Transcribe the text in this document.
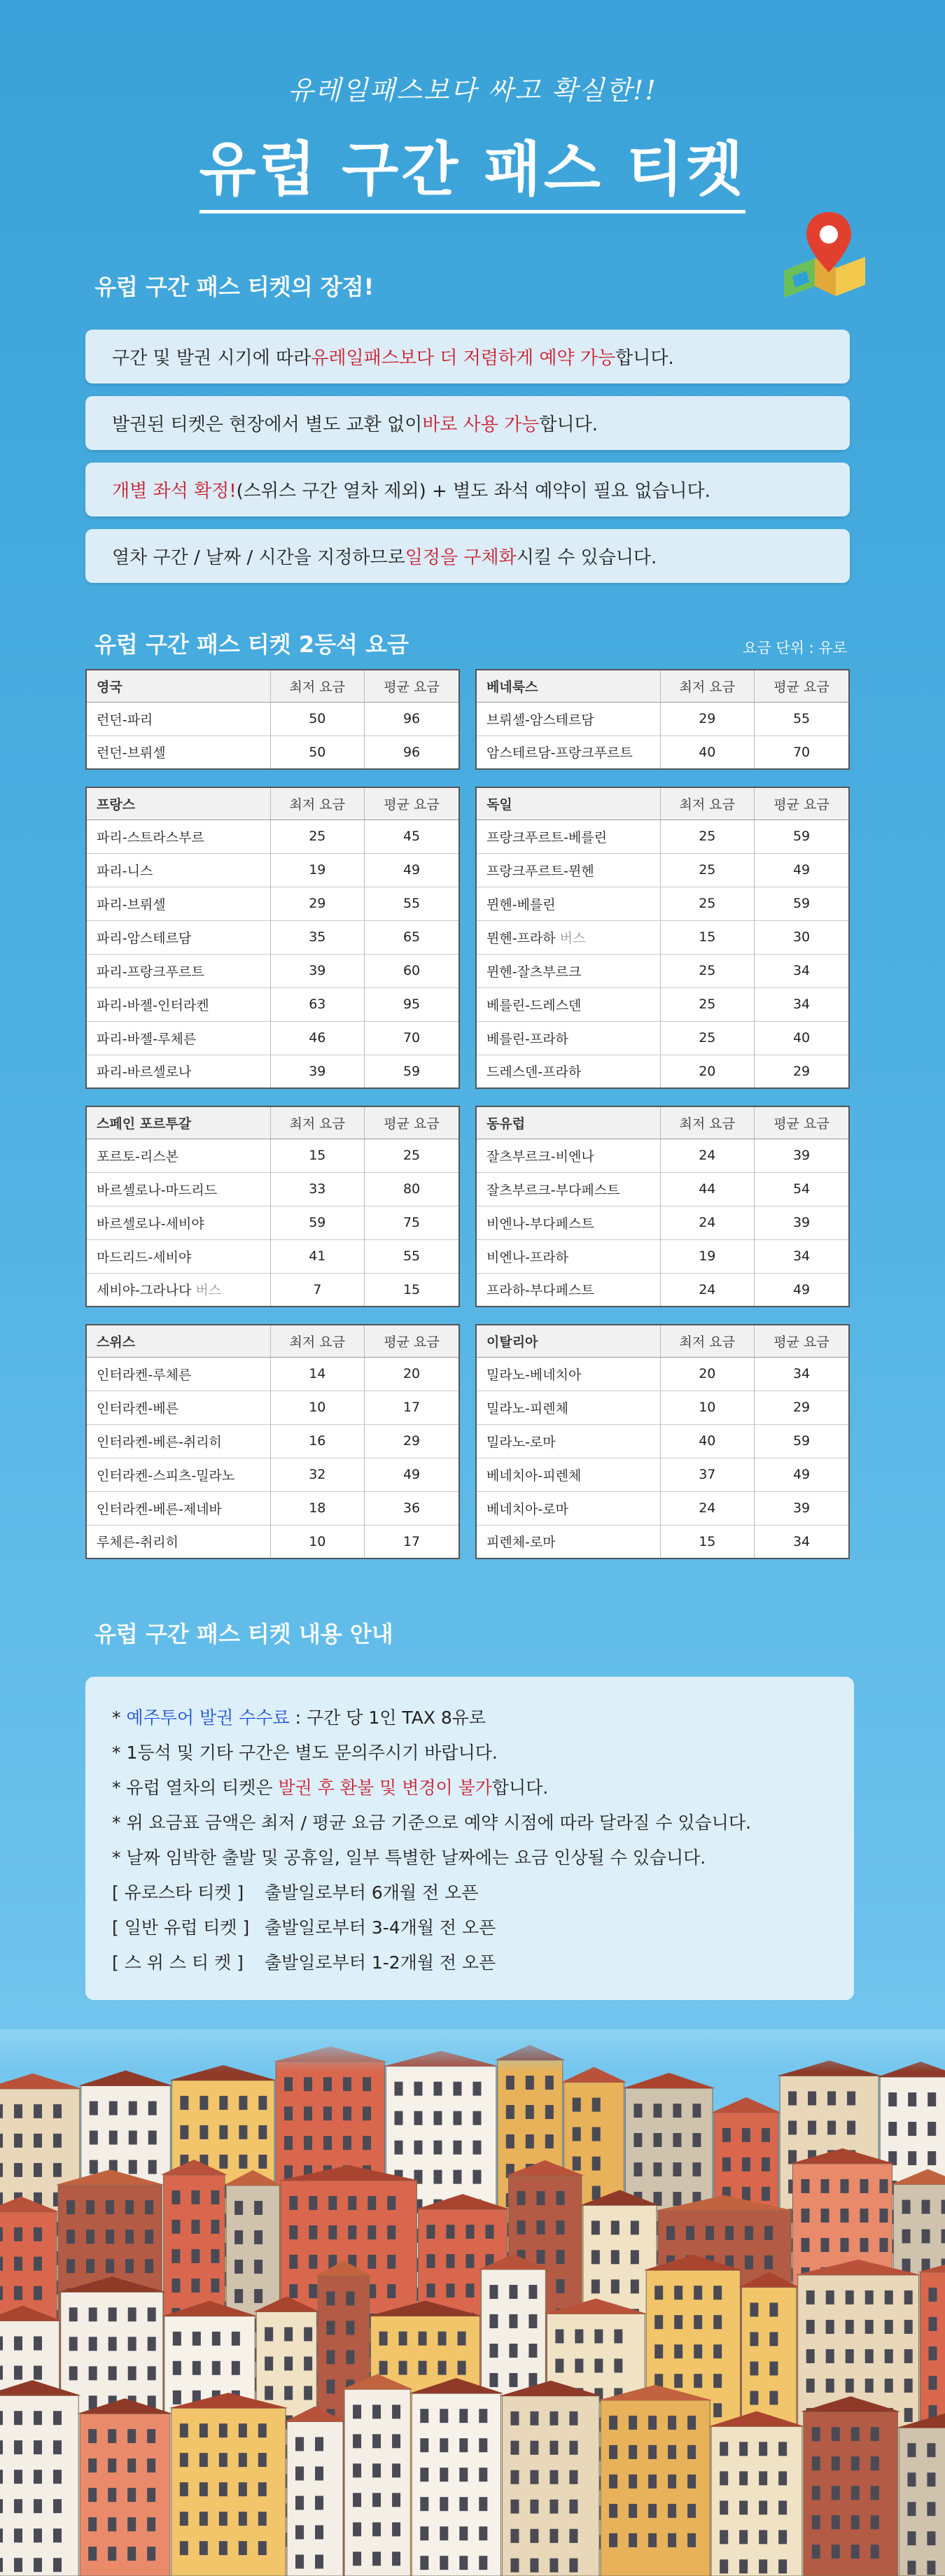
유레일패스보다 싸고 확실한!!
유럽 구간 패스 티켓
유럽 구간 패스 티켓의 장점!
구간 및 발권 시기에 따라 유레일패스보다 더 저렴하게 예약 가능 합니다.
발권된 티켓은 현장에서 별도 교환 없이 바로 사용 가능 합니다.
개별 좌석 확정! (스위스 구간 열차 제외) + 별도 좌석 예약이 필요 없습니다.
열차 구간 / 날짜 / 시간을 지정하므로 일정을 구체화 시킬 수 있습니다.
유럽 구간 패스 티켓 2등석 요금	요금 단위 : 유로
영국	최저 요금	평균 요금
런던-파리	50	96
런던-브뤼셀	50	96
베네룩스	최저 요금	평균 요금
브뤼셀-암스테르담	29	55
암스테르담-프랑크푸르트	40	70
프랑스	최저 요금	평균 요금
파리-스트라스부르	25	45
파리-니스	19	49
파리-브뤼셀	29	55
파리-암스테르담	35	65
파리-프랑크푸르트	39	60
파리-바젤-인터라켄	63	95
파리-바젤-루체른	46	70
파리-바르셀로나	39	59
독일	최저 요금	평균 요금
프랑크푸르트-베를린	25	59
프랑크푸르트-뮌헨	25	49
뮌헨-베를린	25	59
뮌헨-프라하 버스	15	30
뮌헨-잘츠부르크	25	34
베를린-드레스덴	25	34
베를린-프라하	25	40
드레스덴-프라하	20	29
스페인 포르투갈	최저 요금	평균 요금
포르토-리스본	15	25
바르셀로나-마드리드	33	80
바르셀로나-세비야	59	75
마드리드-세비야	41	55
세비야-그라나다 버스	7	15
동유럽	최저 요금	평균 요금
잘츠부르크-비엔나	24	39
잘츠부르크-부다페스트	44	54
비엔나-부다페스트	24	39
비엔나-프라하	19	34
프라하-부다페스트	24	49
스위스	최저 요금	평균 요금
인터라켄-루체른	14	20
인터라켄-베른	10	17
인터라켄-베른-취리히	16	29
인터라켄-스피츠-밀라노	32	49
인터라켄-베른-제네바	18	36
루체른-취리히	10	17
이탈리아	최저 요금	평균 요금
밀라노-베네치아	20	34
밀라노-피렌체	10	29
밀라노-로마	40	59
베네치아-피렌체	37	49
베네치아-로마	24	39
피렌체-로마	15	34
유럽 구간 패스 티켓 내용 안내
* 예주투어 발권 수수료 : 구간 당 1인 TAX 8유로
* 1등석 및 기타 구간은 별도 문의주시기 바랍니다.
* 유럽 열차의 티켓은 발권 후 환불 및 변경이 불가합니다.
* 위 요금표 금액은 최저 / 평균 요금 기준으로 예약 시점에 따라 달라질 수 있습니다.
* 날짜 임박한 출발 및 공휴일, 일부 특별한 날짜에는 요금 인상될 수 있습니다.
[ 유로스타 티켓 ] 출발일로부터 6개월 전 오픈
[ 일반 유럽 티켓 ] 출발일로부터 3-4개월 전 오픈
[ 스 위 스 티 켓 ] 출발일로부터 1-2개월 전 오픈
